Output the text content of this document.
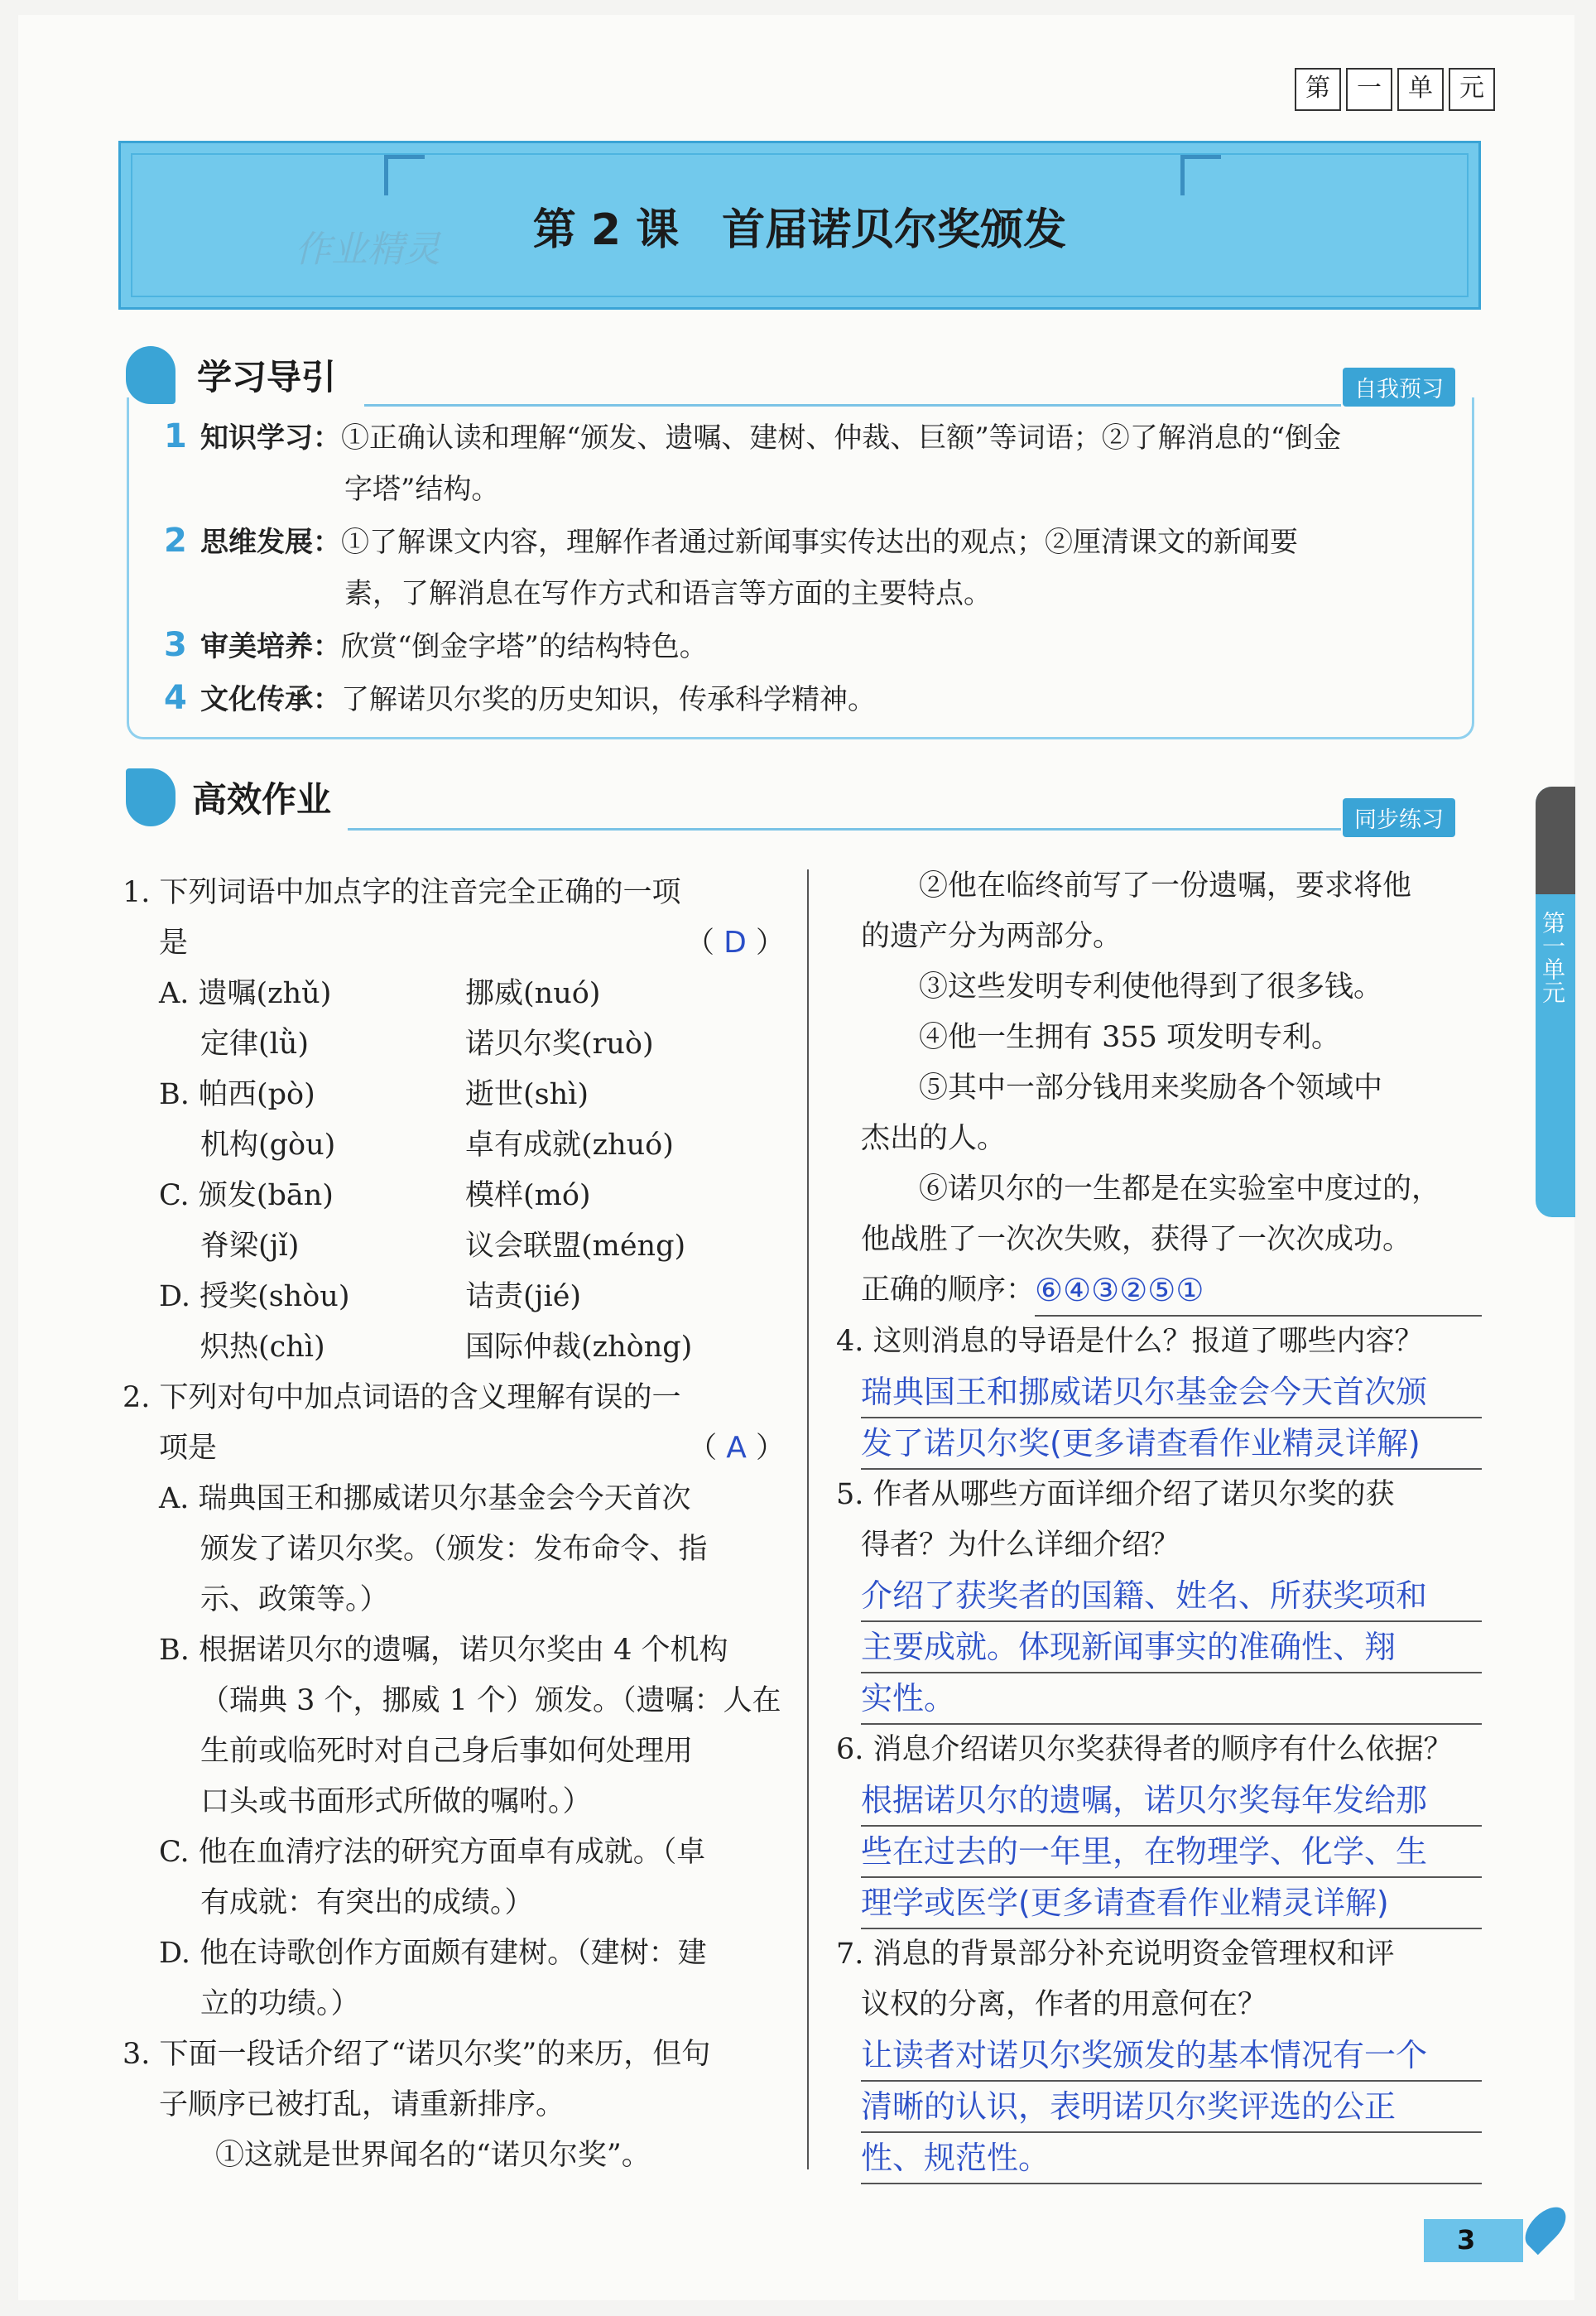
第	一	单	元
作业精灵	第 2 课　首届诺贝尔奖颁发
学习导引	自我预习
1 知识学习：①正确认读和理解“颁发、遗嘱、建树、仲裁、巨额”等词语；②了解消息的“倒金
字塔”结构。
2 思维发展：①了解课文内容，理解作者通过新闻事实传达出的观点；②厘清课文的新闻要
素，了解消息在写作方式和语言等方面的主要特点。
3 审美培养：欣赏“倒金字塔”的结构特色。
4 文化传承：了解诺贝尔奖的历史知识，传承科学精神。
高效作业
同步练习
1. 下列词语中加点字的注音完全正确的一项
是	（ D ）
A. 遗嘱(zhǔ)	挪威(nuó)
定律(lǜ)	诺贝尔奖(ruò)
B. 帕西(pò)	逝世(shì)
机构(gòu)	卓有成就(zhuó)
C. 颁发(bān)	模样(mó)
脊梁(jǐ)	议会联盟(méng)
D. 授奖(shòu)	诘责(jié)
炽热(chì)	国际仲裁(zhòng)
2. 下列对句中加点词语的含义理解有误的一
项是	（ A ）
A. 瑞典国王和挪威诺贝尔基金会今天首次
颁发了诺贝尔奖。（颁发：发布命令、指
示、政策等。）
B. 根据诺贝尔的遗嘱，诺贝尔奖由 4 个机构
（瑞典 3 个，挪威 1 个）颁发。（遗嘱：人在
生前或临死时对自己身后事如何处理用
口头或书面形式所做的嘱咐。）
C. 他在血清疗法的研究方面卓有成就。（卓
有成就：有突出的成绩。）
D. 他在诗歌创作方面颇有建树。（建树：建
立的功绩。）
3. 下面一段话介绍了“诺贝尔奖”的来历，但句
子顺序已被打乱，请重新排序。
①这就是世界闻名的“诺贝尔奖”。
②他在临终前写了一份遗嘱，要求将他
的遗产分为两部分。
③这些发明专利使他得到了很多钱。
④他一生拥有 355 项发明专利。
⑤其中一部分钱用来奖励各个领域中
杰出的人。
⑥诺贝尔的一生都是在实验室中度过的，
他战胜了一次次失败，获得了一次次成功。
正确的顺序： ⑥④③②⑤①
4. 这则消息的导语是什么？报道了哪些内容？
瑞典国王和挪威诺贝尔基金会今天首次颁
发了诺贝尔奖(更多请查看作业精灵详解)
5. 作者从哪些方面详细介绍了诺贝尔奖的获
得者？为什么详细介绍？
介绍了获奖者的国籍、姓名、所获奖项和
主要成就。体现新闻事实的准确性、翔
实性。
6. 消息介绍诺贝尔奖获得者的顺序有什么依据？
根据诺贝尔的遗嘱，诺贝尔奖每年发给那
些在过去的一年里，在物理学、化学、生
理学或医学(更多请查看作业精灵详解)
7. 消息的背景部分补充说明资金管理权和评
议权的分离，作者的用意何在？
让读者对诺贝尔奖颁发的基本情况有一个
清晰的认识，表明诺贝尔奖评选的公正
性、规范性。
第一单元
3
